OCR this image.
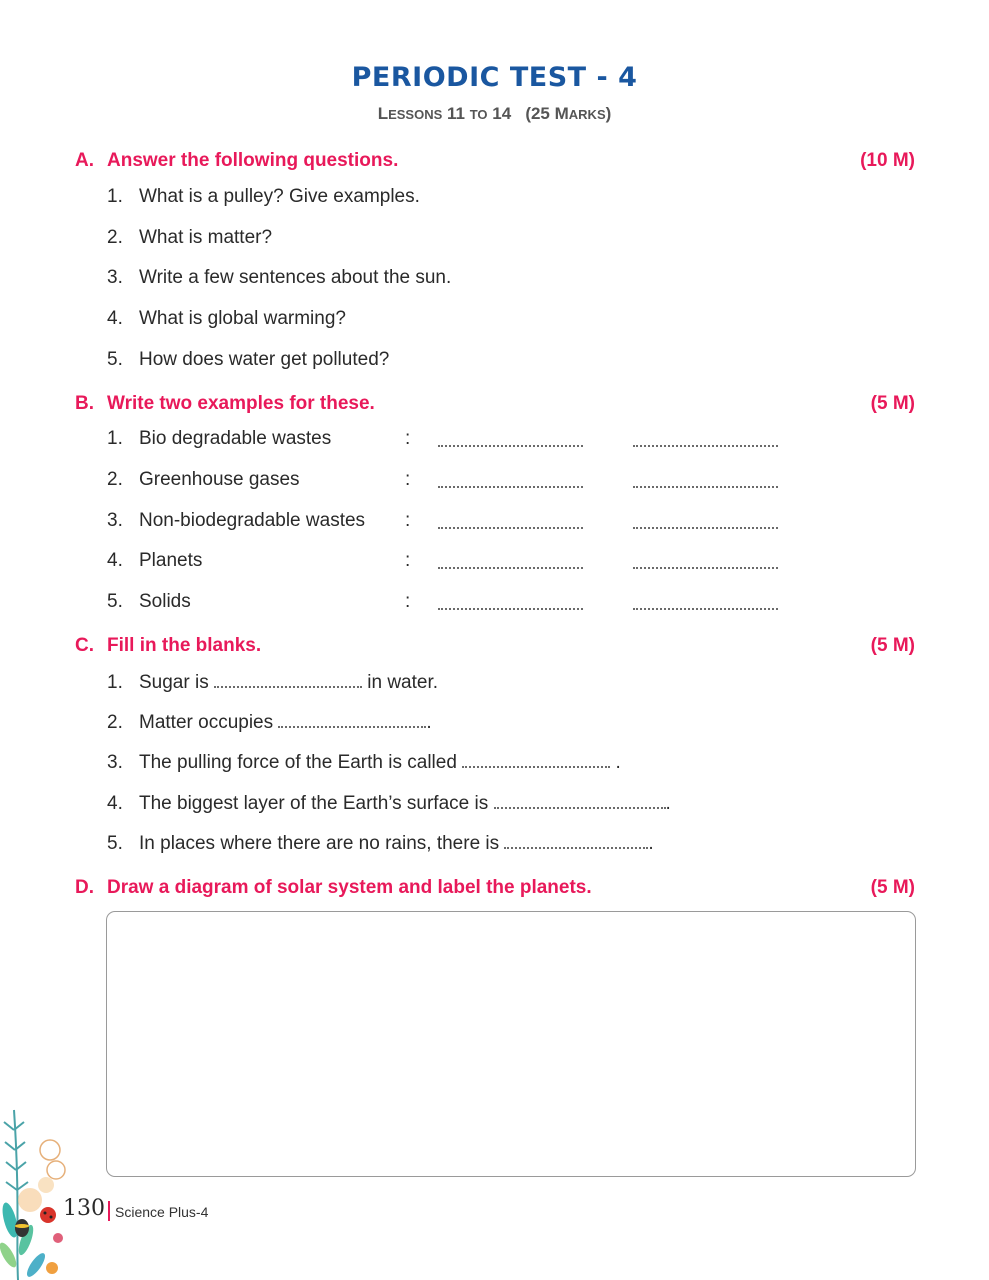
PERIODIC TEST - 4
LESSONS 11 TO 14   (25 MARKS)
A. Answer the following questions.	(10 M)
1. What is a pulley? Give examples.
2. What is matter?
3. Write a few sentences about the sun.
4. What is global warming?
5. How does water get polluted?
B. Write two examples for these.	(5 M)
1. Bio degradable wastes	:
2. Greenhouse gases	:
3. Non-biodegradable wastes :
4. Planets	:
5. Solids	:
C. Fill in the blanks.	(5 M)
1. Sugar is	in water.
2. Matter occupies	.
3. The pulling force of the Earth is called	.
4. The biggest layer of the Earth’s surface is	.
5. In places where there are no rains, there is	.
D. Draw a diagram of solar system and label the planets.	(5 M)
130 Science Plus-4
